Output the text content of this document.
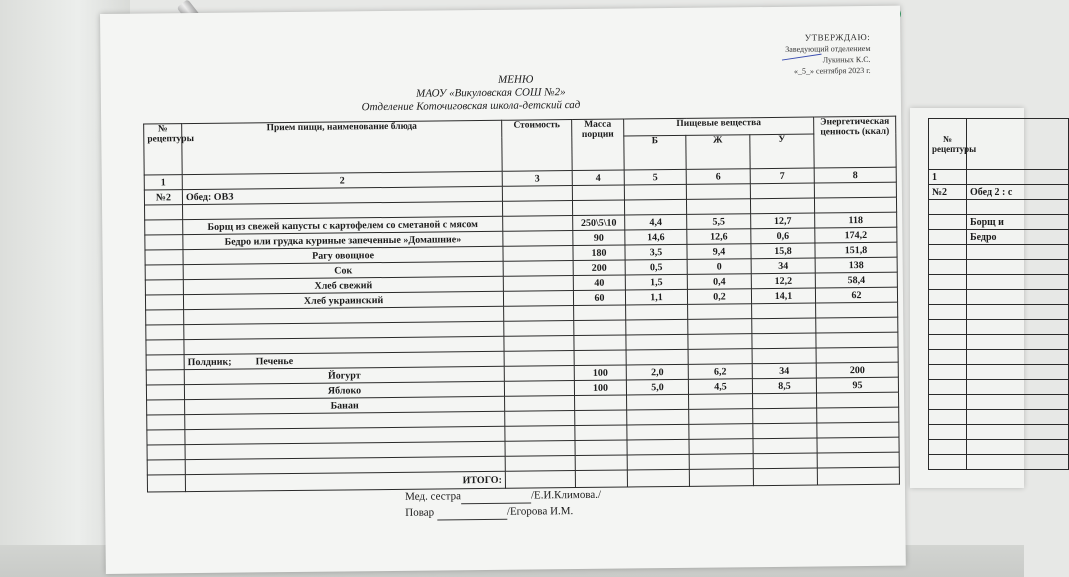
УТВЕРЖДАЮ:
Заведующий отделением
Лукиных К.С.
«_5_» сентября 2023 г.
МЕНЮ
МАОУ «Викуловская СОШ №2»
Отделение Коточиговская школа-детский сад
№ рецептуры	Прием пищи, наименование блюда	Стоимость	Масса порции	Пищевые вещества			Энергетическая ценность (ккал)
				Б	Ж	У	
1	2	3	4	5	6	7	8
№2	Обед: ОВЗ						

	Борщ из свежей капусты с картофелем со сметаной с мясом		250\5\10	4,4	5,5	12,7	118
	Бедро или грудка куриные запеченные »Домашние»		90	14,6	12,6	0,6	174,2
	Рагу овощное		180	3,5	9,4	15,8	151,8
	Сок		200	0,5	0	34	138
	Хлеб свежий		40	1,5	0,4	12,2	58,4
	Хлеб украинский		60	1,1	0,2	14,1	62

	Полдник; Печенье						
	Йогурт		100	2,0	6,2	34	200
	Яблоко		100	5,0	4,5	8,5	95
	Банан						

	ИТОГО:						
Мед. сестра	/Е.И.Климова./
Повар	/Егорова И.М.
№ рецептуры	
1	
№2	Обед 2 : с

	Борщ и
	Бедро
